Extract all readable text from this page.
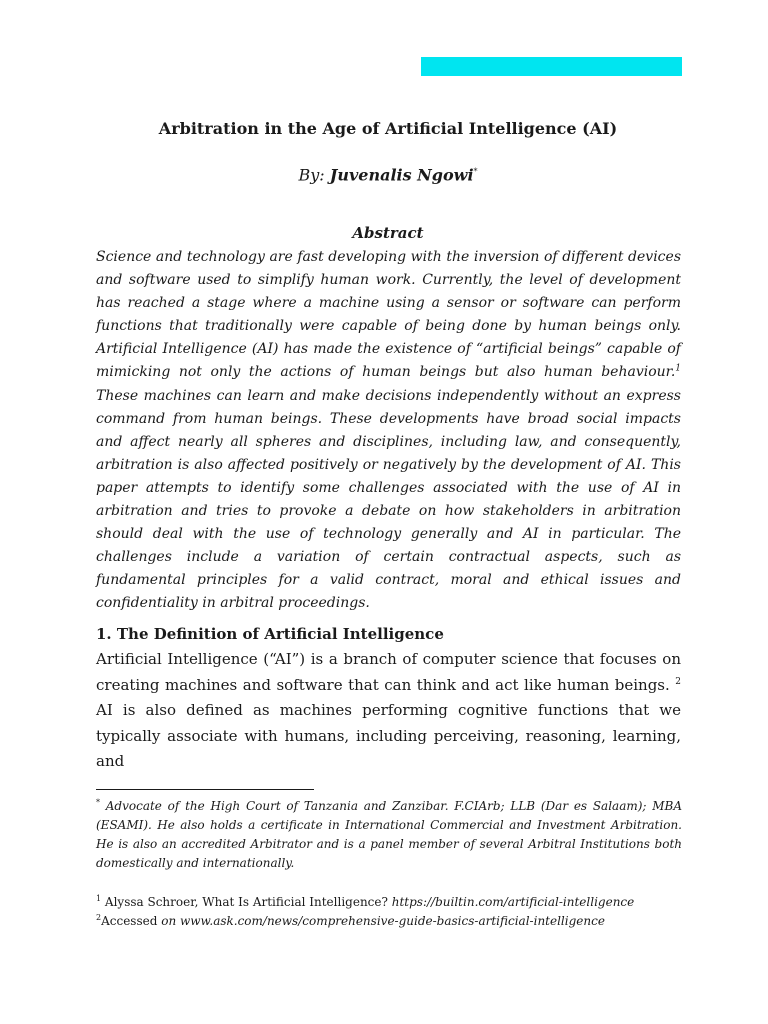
Arbitration in the Age of Artificial Intelligence (AI)
By: Juvenalis Ngowi*
Abstract

Science and technology are fast developing with the inversion of different devices and software used to simplify human work. Currently, the level of development has reached a stage where a machine using a sensor or software can perform functions that traditionally were capable of being done by human beings only. Artificial Intelligence (AI) has made the existence of “artificial beings” capable of mimicking not only the actions of human beings but also human behaviour.$^1$ These machines can learn and make decisions independently without an express command from human beings. These developments have broad social impacts and affect nearly all spheres and disciplines, including law, and consequently, arbitration is also affected positively or negatively by the development of AI. This paper attempts to identify some challenges associated with the use of AI in arbitration and tries to provoke a debate on how stakeholders in arbitration should deal with the use of technology generally and AI in particular. The challenges include a variation of certain contractual aspects, such as fundamental principles for a valid contract, moral and ethical issues and confidentiality in arbitral proceedings.

1. The Definition of Artificial Intelligence

Artificial Intelligence (“AI”) is a branch of computer science that focuses on creating machines and software that can think and act like human beings. $^2$ AI is also defined as machines performing cognitive functions that we typically associate with humans, including perceiving, reasoning, learning, and

* Advocate of the High Court of Tanzania and Zanzibar. F.CIArb; LLB (Dar es Salaam); MBA (ESAMI). He also holds a certificate in International Commercial and Investment Arbitration. He is also an accredited Arbitrator and is a panel member of several Arbitral Institutions both domestically and internationally.

$^1$ Alyssa Schroer, What Is Artificial Intelligence? https://builtin.com/artificial-intelligence

$^2$Accessed on www.ask.com/news/comprehensive-guide-basics-artificial-intelligence
